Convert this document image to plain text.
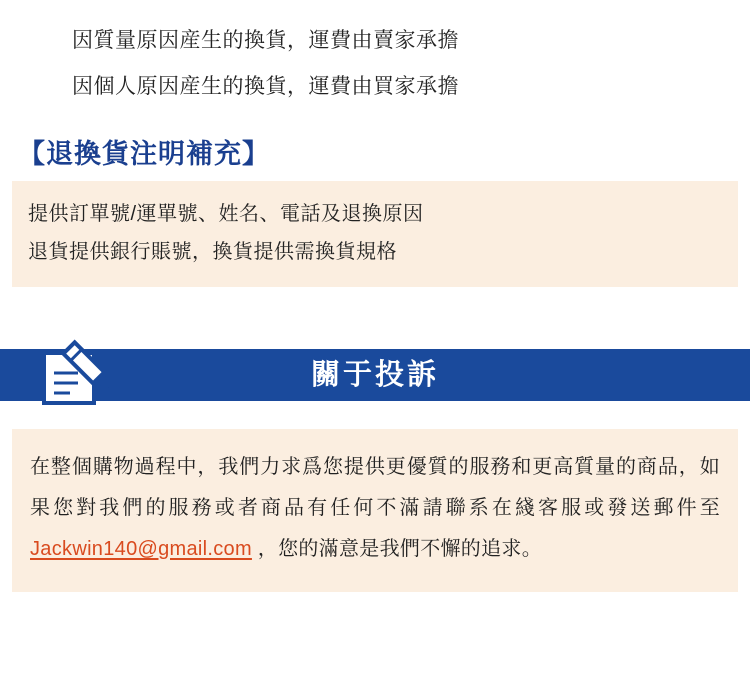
因質量原因産生的換貨，運費由賣家承擔
因個人原因産生的換貨，運費由買家承擔
【退換貨注明補充】
提供訂單號/運單號、姓名、電話及退換原因
退貨提供銀行賬號，換貨提供需換貨規格
關于投訴
在整個購物過程中，我們力求爲您提供更優質的服務和更高質量的商品，如果您對我們的服務或者商品有任何不滿請聯系在綫客服或發送郵件至 Jackwin140@gmail.com ，您的滿意是我們不懈的追求。
